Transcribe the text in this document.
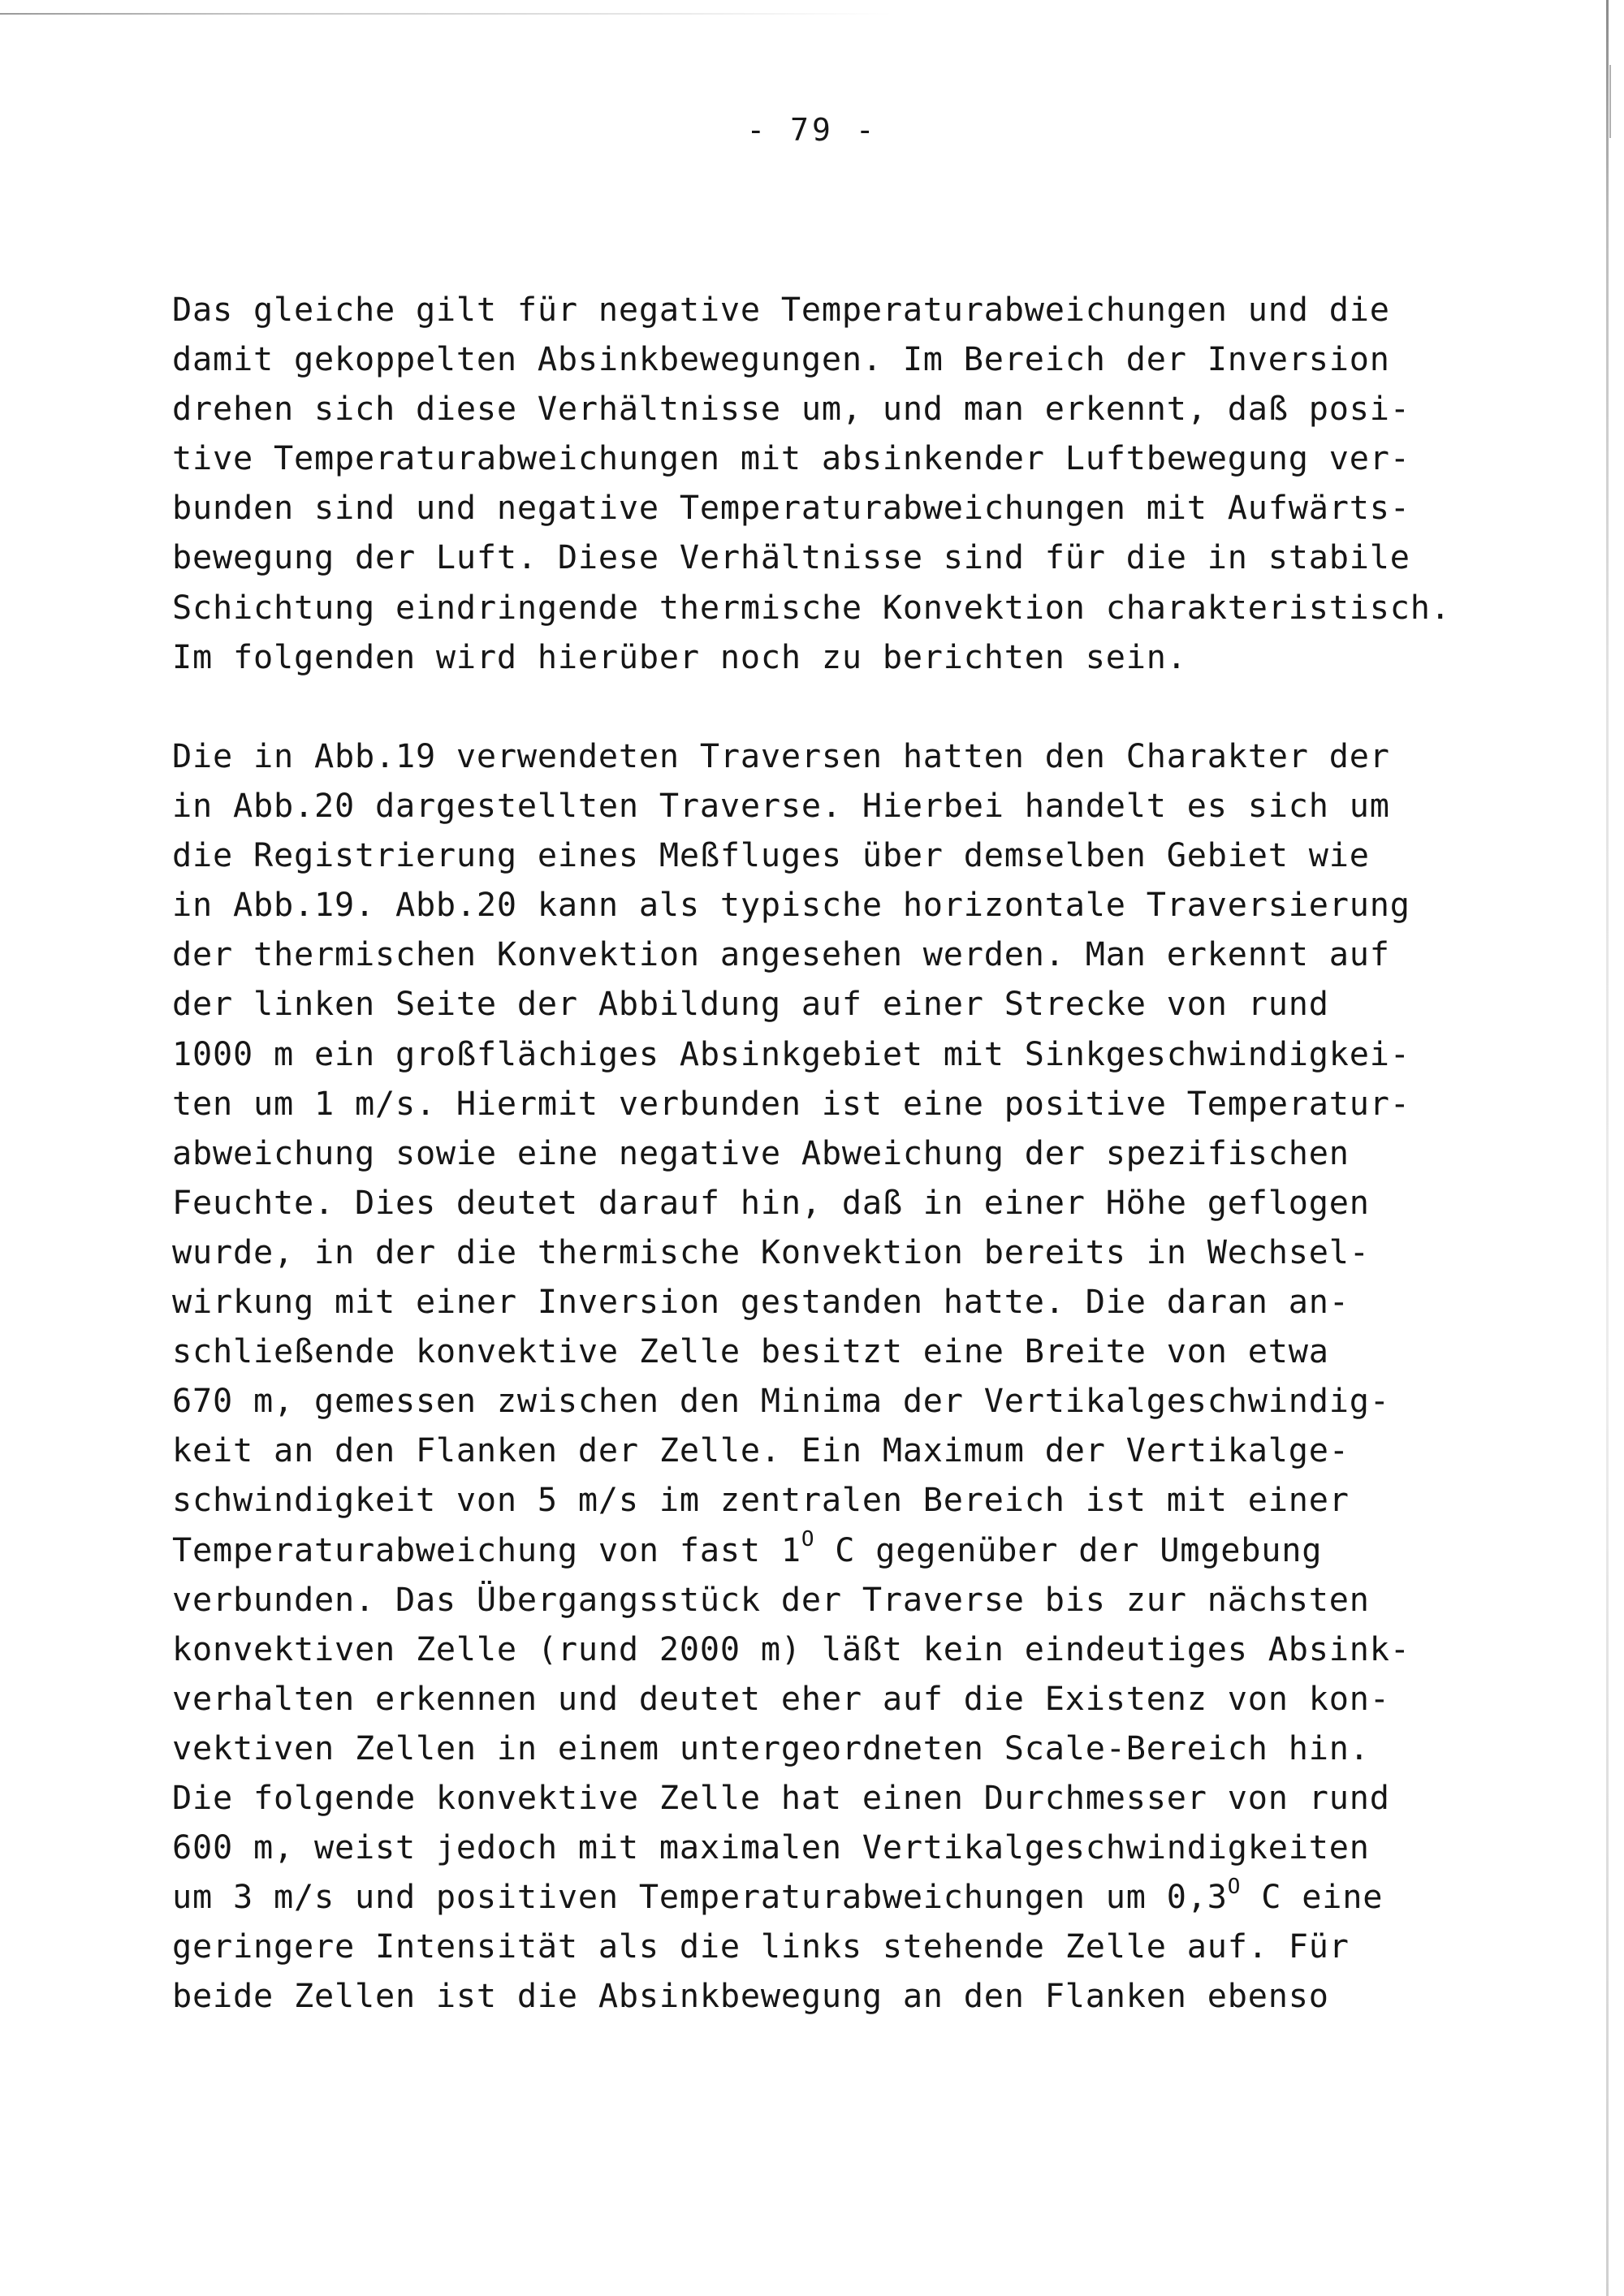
- 79 -

Das gleiche gilt für negative Temperaturabweichungen und die
damit gekoppelten Absinkbewegungen. Im Bereich der Inversion
drehen sich diese Verhältnisse um, und man erkennt, daß posi-
tive Temperaturabweichungen mit absinkender Luftbewegung ver-
bunden sind und negative Temperaturabweichungen mit Aufwärts-
bewegung der Luft. Diese Verhältnisse sind für die in stabile
Schichtung eindringende thermische Konvektion charakteristisch.
Im folgenden wird hierüber noch zu berichten sein.

Die in Abb.19 verwendeten Traversen hatten den Charakter der
in Abb.20 dargestellten Traverse. Hierbei handelt es sich um
die Registrierung eines Meßfluges über demselben Gebiet wie
in Abb.19. Abb.20 kann als typische horizontale Traversierung
der thermischen Konvektion angesehen werden. Man erkennt auf
der linken Seite der Abbildung auf einer Strecke von rund
1000 m ein großflächiges Absinkgebiet mit Sinkgeschwindigkei-
ten um 1 m/s. Hiermit verbunden ist eine positive Temperatur-
abweichung sowie eine negative Abweichung der spezifischen
Feuchte. Dies deutet darauf hin, daß in einer Höhe geflogen
wurde, in der die thermische Konvektion bereits in Wechsel-
wirkung mit einer Inversion gestanden hatte. Die daran an-
schließende konvektive Zelle besitzt eine Breite von etwa
670 m, gemessen zwischen den Minima der Vertikalgeschwindig-
keit an den Flanken der Zelle. Ein Maximum der Vertikalge-
schwindigkeit von 5 m/s im zentralen Bereich ist mit einer
Temperaturabweichung von fast $1^O$ C gegenüber der Umgebung
verbunden. Das Übergangsstück der Traverse bis zur nächsten
konvektiven Zelle (rund 2000 m) läßt kein eindeutiges Absink-
verhalten erkennen und deutet eher auf die Existenz von kon-
vektiven Zellen in einem untergeordneten Scale-Bereich hin.
Die folgende konvektive Zelle hat einen Durchmesser von rund
600 m, weist jedoch mit maximalen Vertikalgeschwindigkeiten
um 3 m/s und positiven Temperaturabweichungen um $0,3^O$ C eine
geringere Intensität als die links stehende Zelle auf. Für
beide Zellen ist die Absinkbewegung an den Flanken ebenso
